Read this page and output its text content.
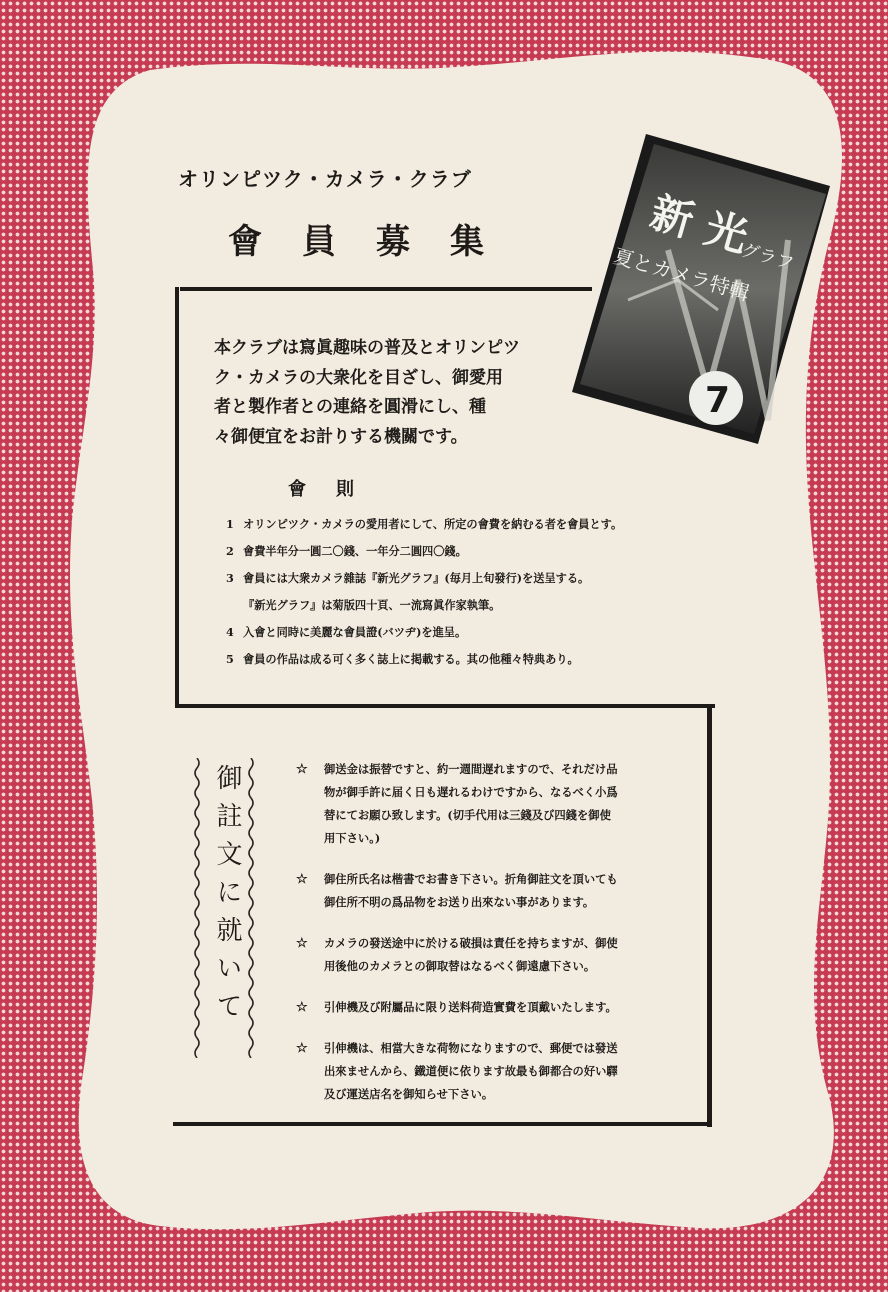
オリンピツク・カメラ・クラブ
會員募集	新 光
グラフ
夏とカメラ特輯
7
本クラブは寫眞趣味の普及とオリンピツ
ク・カメラの大衆化を目ざし、御愛用
者と製作者との連絡を圓滑にし、種
々御便宜をお計りする機關です。
會則
1 オリンピツク・カメラの愛用者にして、所定の會費を納むる者を會員とす。
2 會費半年分一圓二〇錢、一年分二圓四〇錢。
3 會員には大衆カメラ雜誌『新光グラフ』(毎月上旬發行)を送呈する。
『新光グラフ』は菊版四十頁、一流寫眞作家執筆。
4 入會と同時に美麗な會員證(バツヂ)を進呈。
5 會員の作品は成る可く多く誌上に掲載する。其の他種々特典あり。
御註文に就いて	☆ 御送金は振替ですと、約一週間遅れますので、それだけ品
物が御手許に届く日も遅れるわけですから、なるべく小爲
替にてお願ひ致します。(切手代用は三錢及び四錢を御使
用下さい。)
☆ 御住所氏名は楷書でお書き下さい。折角御註文を頂いても
御住所不明の爲品物をお送り出來ない事があります。
☆ カメラの發送途中に於ける破損は責任を持ちますが、御使
用後他のカメラとの御取替はなるべく御遠慮下さい。
☆ 引伸機及び附屬品に限り送料荷造實費を頂戴いたします。
☆ 引伸機は、相當大きな荷物になりますので、郵便では發送
出來ませんから、鐵道便に依ります故最も御都合の好い驛
及び運送店名を御知らせ下さい。
